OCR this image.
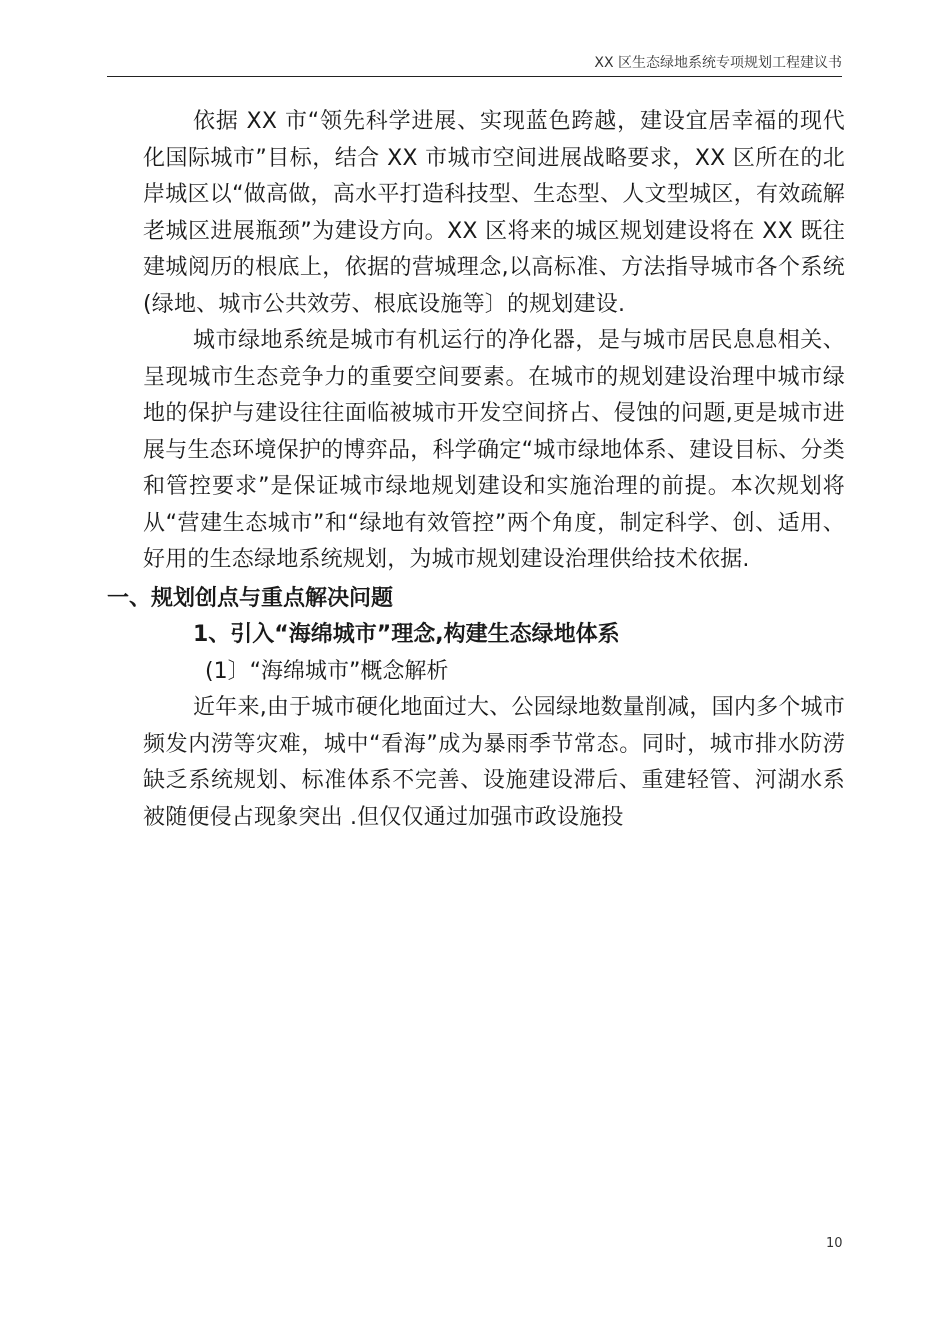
XX 区生态绿地系统专项规划工程建议书

依据 XX 市“领先科学进展、实现蓝色跨越，建设宜居幸福的现代化国际城市”目标，结合 XX 市城市空间进展战略要求，XX 区所在的北岸城区以“做高做，高水平打造科技型、生态型、人文型城区，有效疏解老城区进展瓶颈”为建设方向。XX 区将来的城区规划建设将在 XX 既往建城阅历的根底上，依据的营城理念,以高标准、方法指导城市各个系统(绿地、城市公共效劳、根底设施等〕的规划建设.

城市绿地系统是城市有机运行的净化器，是与城市居民息息相关、呈现城市生态竞争力的重要空间要素。在城市的规划建设治理中城市绿地的保护与建设往往面临被城市开发空间挤占、侵蚀的问题,更是城市进展与生态环境保护的博弈品，科学确定“城市绿地体系、建设目标、分类和管控要求”是保证城市绿地规划建设和实施治理的前提。本次规划将从“营建生态城市”和“绿地有效管控”两个角度，制定科学、创、适用、好用的生态绿地系统规划，为城市规划建设治理供给技术依据.

一、规划创点与重点解决问题

1、引入“海绵城市”理念,构建生态绿地体系

(1〕“海绵城市”概念解析

近年来,由于城市硬化地面过大、公园绿地数量削减，国内多个城市频发内涝等灾难，城中“看海”成为暴雨季节常态。同时，城市排水防涝缺乏系统规划、标准体系不完善、设施建设滞后、重建轻管、河湖水系被随便侵占现象突出 .但仅仅通过加强市政设施投

10
